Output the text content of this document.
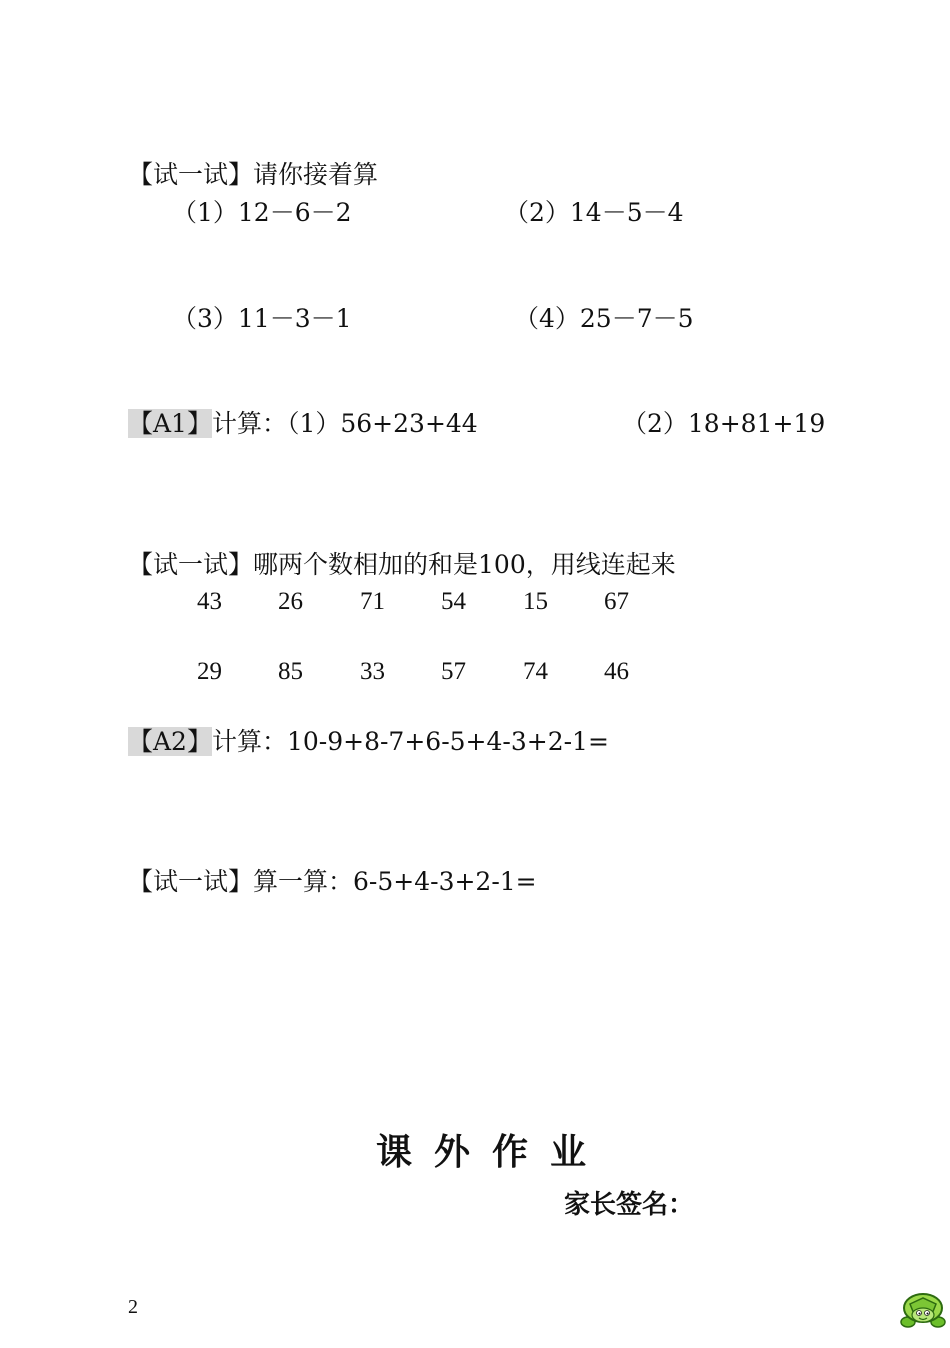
【试一试】请你接着算
（1）12－6－2	（2）14－5－4
（3）11－3－1	（4）25－7－5
【A1】计算：（1）56+23+44	（2）18+81+19
【试一试】哪两个数相加的和是100，用线连起来
43 26 71 54 15 67
29 85 33 57 74 46
【A2】计算：10-9+8-7+6-5+4-3+2-1=
【试一试】算一算：6-5+4-3+2-1=
课外作业
家长签名：
2
